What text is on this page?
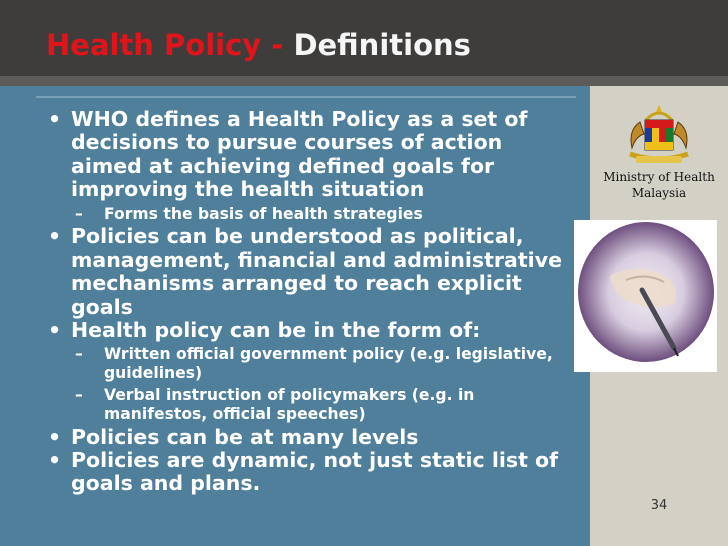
Health Policy - Definitions
• WHO defines a Health Policy as a set of decisions to pursue courses of action aimed at achieving defined goals for improving the health situation
– Forms the basis of health strategies
• Policies can be understood as political, management, financial and administrative mechanisms arranged to reach explicit goals
• Health policy can be in the form of:
– Written official government policy (e.g. legislative, guidelines)
– Verbal instruction of policymakers (e.g. in manifestos, official speeches)
• Policies can be at many levels
• Policies are dynamic, not just static list of goals and plans.
Ministry of Health
Malaysia
34
